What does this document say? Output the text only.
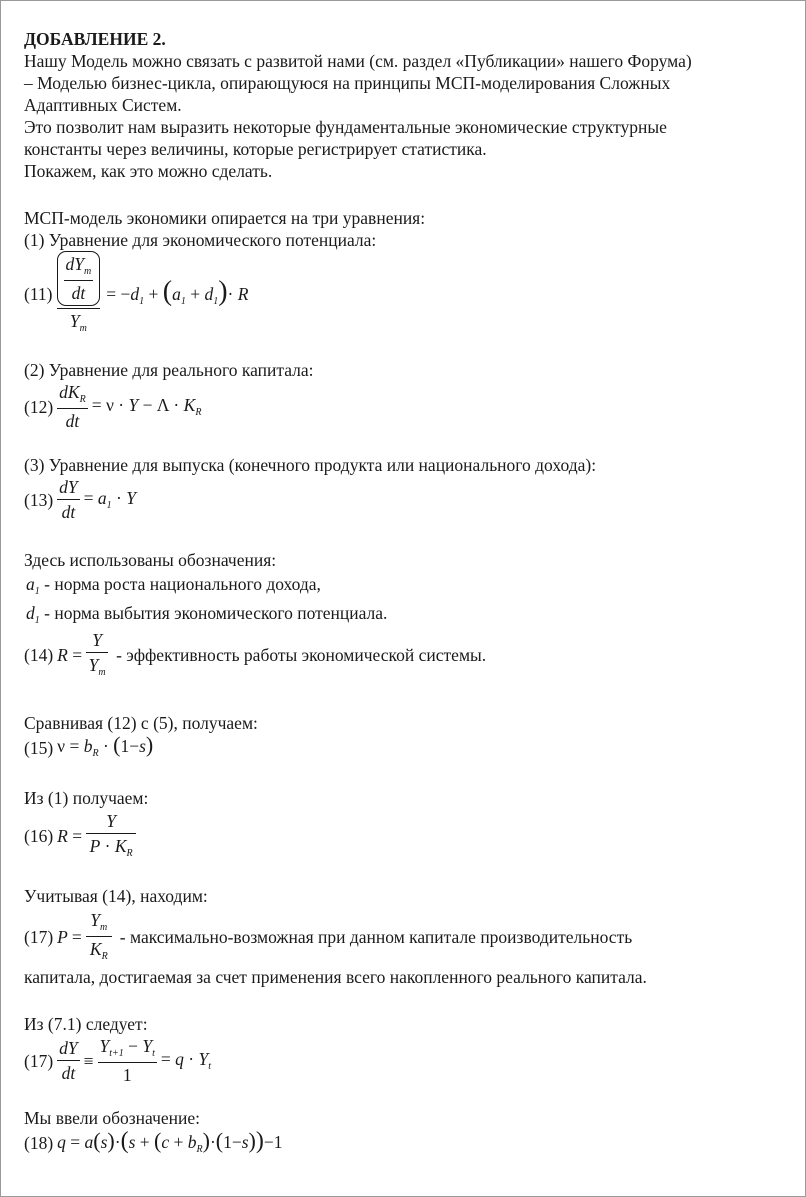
ДОБАВЛЕНИЕ 2.
Нашу Модель можно связать с развитой нами (см. раздел «Публикации» нашего Форума)
– Моделью бизнес-цикла, опирающуюся на принципы МСП-моделирования Сложных
Адаптивных Систем.
Это позволит нам выразить некоторые фундаментальные экономические структурные
константы через величины, которые регистрирует статистика.
Покажем, как это можно сделать.
МСП-модель экономики опирается на три уравнения:
(1) Уравнение для экономического потенциала:
$(11) \frac{\frac{dY_m}{dt}}{Y_m} = -d_1 + (a_1 + d_1)\cdot R$
(2) Уравнение для реального капитала:
$(12) \frac{dK_R}{dt} = \nu \cdot Y - \Lambda \cdot K_R$
(3) Уравнение для выпуска (конечного продукта или национального дохода):
$(13) \frac{dY}{dt} = a_1 \cdot Y$
Здесь использованы обозначения:
$a_1$ - норма роста национального дохода,
$d_1$ - норма выбытия экономического потенциала.
(14) $R = \frac{Y}{Y_m}$ - эффективность работы экономической системы.
Сравнивая (12) с (5), получаем:
(15) $\nu = b_R \cdot (1-s)$
Из (1) получаем:
(16) $R = \frac{Y}{P \cdot K_R}$
Учитывая (14), находим:
(17) $P = \frac{Y_m}{K_R}$ - максимально-возможная при данном капитале производительность
капитала, достигаемая за счет применения всего накопленного реального капитала.
Из (7.1) следует:
$(17) \frac{dY}{dt} \equiv \frac{Y_{t+1} - Y_t}{1} = q \cdot Y_t$
Мы ввели обозначение:
(18) $q = a(s)\cdot(s + (c + b_R)\cdot(1-s))-1$
